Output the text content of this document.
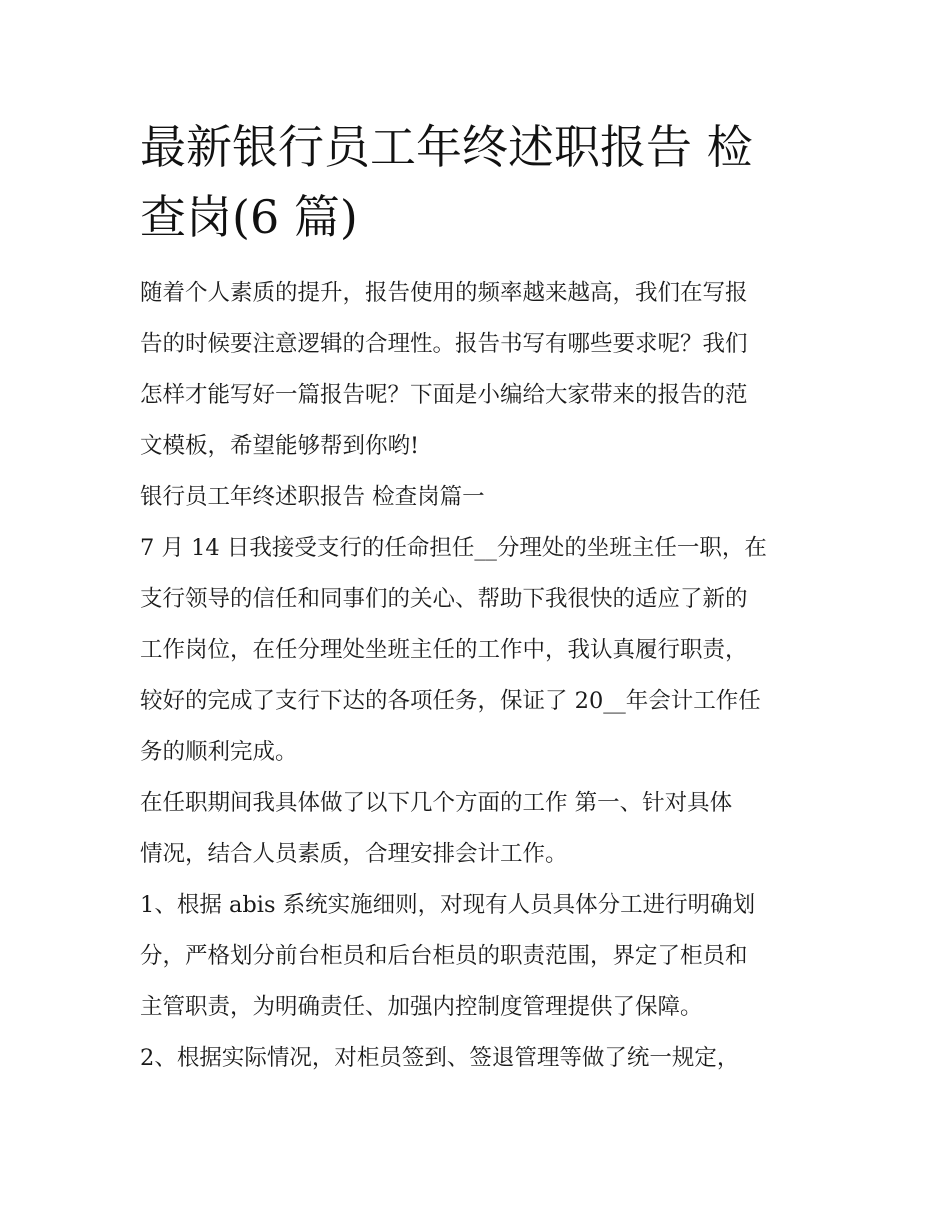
最新银行员工年终述职报告 检
查岗(6 篇)

随着个人素质的提升，报告使用的频率越来越高，我们在写报
告的时候要注意逻辑的合理性。报告书写有哪些要求呢？我们
怎样才能写好一篇报告呢？下面是小编给大家带来的报告的范
文模板，希望能够帮到你哟!

银行员工年终述职报告 检查岗篇一

7 月 14 日我接受支行的任命担任__分理处的坐班主任一职，在
支行领导的信任和同事们的关心、帮助下我很快的适应了新的
工作岗位，在任分理处坐班主任的工作中，我认真履行职责，
较好的完成了支行下达的各项任务，保证了 20__年会计工作任
务的顺利完成。

在任职期间我具体做了以下几个方面的工作 第一、针对具体
情况，结合人员素质，合理安排会计工作。

1、根据 abis 系统实施细则，对现有人员具体分工进行明确划
分，严格划分前台柜员和后台柜员的职责范围，界定了柜员和
主管职责，为明确责任、加强内控制度管理提供了保障。

2、根据实际情况，对柜员签到、签退管理等做了统一规定，
